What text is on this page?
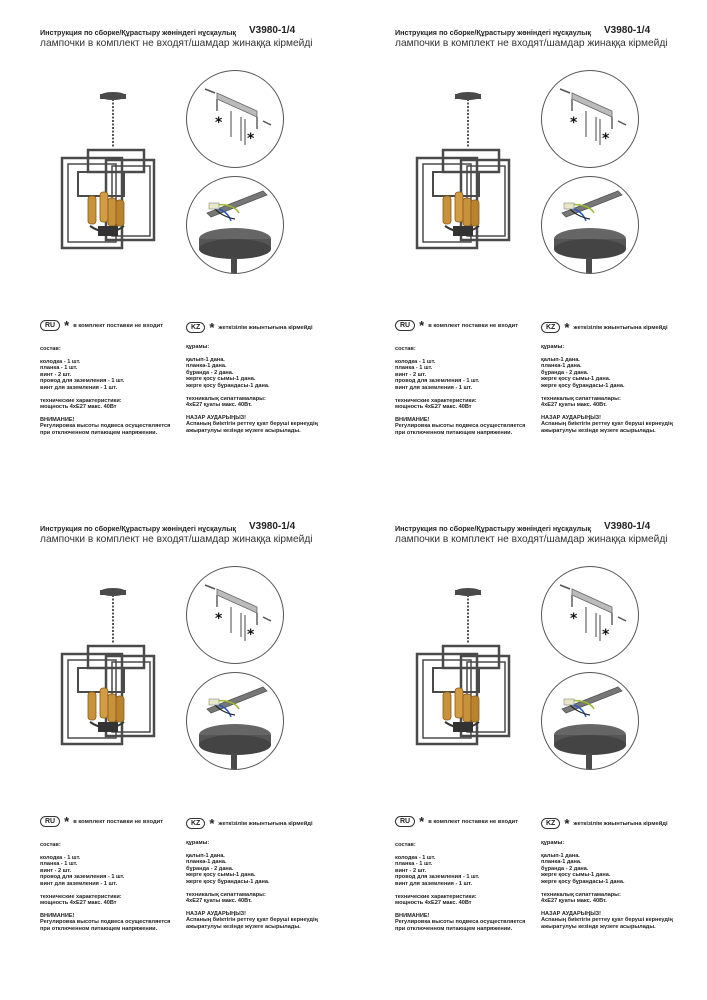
Инструкция по сборке/Құрастыру жөніндегі нұсқаулық V3980-1/4
лампочки в комплект не входят/шамдар жинаққа кірмейді
*
*
RU * в комплект поставки не входит	KZ * жеткізілім жиынтығына кірмейді
состав:
колодка - 1 шт.
планка - 1 шт.
винт - 2 шт.
провод для заземления - 1 шт.
винт для заземления - 1 шт.
технические характеристики:
мощность 4хЕ27 макс. 40Вт
ВНИМАНИЕ!
Регулировка высоты подвеса осуществляется
при отключенном питающем напряжении.
құрамы:
қалып-1 дана.
планка-1 дана.
бұранда - 2 дана.
жерге қосу сымы-1 дана.
жерге қосу бұрандасы-1 дана.
техникалық сипаттамалары:
4хЕ27 қуаты макс. 40Вт.
НАЗАР АУДАРЫҢЫЗ!
Аспаның биіктігін реттеу қуат беруші кернеудің
ажыратулуы кезінде жүзеге асырылады.
Инструкция по сборке/Құрастыру жөніндегі нұсқаулық V3980-1/4
лампочки в комплект не входят/шамдар жинаққа кірмейді
*
*
RU * в комплект поставки не входит	KZ * жеткізілім жиынтығына кірмейді
состав:
колодка - 1 шт.
планка - 1 шт.
винт - 2 шт.
провод для заземления - 1 шт.
винт для заземления - 1 шт.
технические характеристики:
мощность 4хЕ27 макс. 40Вт
ВНИМАНИЕ!
Регулировка высоты подвеса осуществляется
при отключенном питающем напряжении.
құрамы:
қалып-1 дана.
планка-1 дана.
бұранда - 2 дана.
жерге қосу сымы-1 дана.
жерге қосу бұрандасы-1 дана.
техникалық сипаттамалары:
4хЕ27 қуаты макс. 40Вт.
НАЗАР АУДАРЫҢЫЗ!
Аспаның биіктігін реттеу қуат беруші кернеудің
ажыратулуы кезінде жүзеге асырылады.
Инструкция по сборке/Құрастыру жөніндегі нұсқаулық V3980-1/4
лампочки в комплект не входят/шамдар жинаққа кірмейді
*
*
RU * в комплект поставки не входит	KZ * жеткізілім жиынтығына кірмейді
состав:
колодка - 1 шт.
планка - 1 шт.
винт - 2 шт.
провод для заземления - 1 шт.
винт для заземления - 1 шт.
технические характеристики:
мощность 4хЕ27 макс. 40Вт
ВНИМАНИЕ!
Регулировка высоты подвеса осуществляется
при отключенном питающем напряжении.
құрамы:
қалып-1 дана.
планка-1 дана.
бұранда - 2 дана.
жерге қосу сымы-1 дана.
жерге қосу бұрандасы-1 дана.
техникалық сипаттамалары:
4хЕ27 қуаты макс. 40Вт.
НАЗАР АУДАРЫҢЫЗ!
Аспаның биіктігін реттеу қуат беруші кернеудің
ажыратулуы кезінде жүзеге асырылады.
Инструкция по сборке/Құрастыру жөніндегі нұсқаулық V3980-1/4
лампочки в комплект не входят/шамдар жинаққа кірмейді
*
*
RU * в комплект поставки не входит	KZ * жеткізілім жиынтығына кірмейді
состав:
колодка - 1 шт.
планка - 1 шт.
винт - 2 шт.
провод для заземления - 1 шт.
винт для заземления - 1 шт.
технические характеристики:
мощность 4хЕ27 макс. 40Вт
ВНИМАНИЕ!
Регулировка высоты подвеса осуществляется
при отключенном питающем напряжении.
құрамы:
қалып-1 дана.
планка-1 дана.
бұранда - 2 дана.
жерге қосу сымы-1 дана.
жерге қосу бұрандасы-1 дана.
техникалық сипаттамалары:
4хЕ27 қуаты макс. 40Вт.
НАЗАР АУДАРЫҢЫЗ!
Аспаның биіктігін реттеу қуат беруші кернеудің
ажыратулуы кезінде жүзеге асырылады.
